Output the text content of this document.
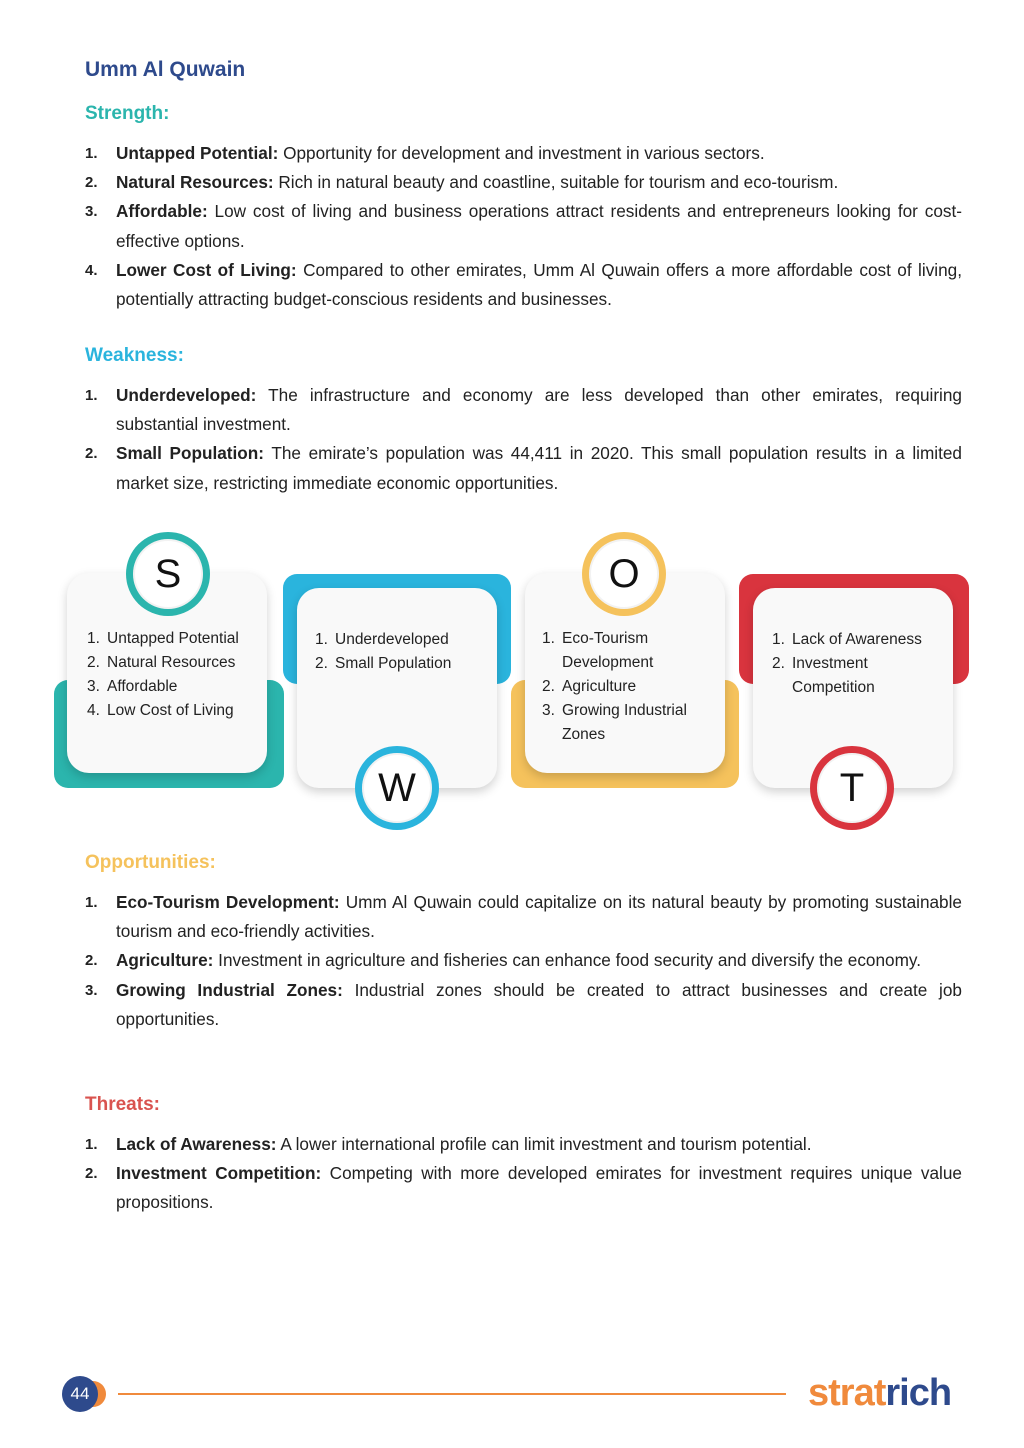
Umm Al Quwain
Strength:
1. Untapped Potential: Opportunity for development and investment in various sectors.
2. Natural Resources: Rich in natural beauty and coastline, suitable for tourism and eco-tourism.
3. Affordable: Low cost of living and business operations attract residents and entrepreneurs looking for cost-effective options.
4. Lower Cost of Living: Compared to other emirates, Umm Al Quwain offers a more affordable cost of living, potentially attracting budget-conscious residents and businesses.
Weakness:
1. Underdeveloped: The infrastructure and economy are less developed than other emirates, requiring substantial investment.
2. Small Population: The emirate’s population was 44,411 in 2020. This small population results in a limited market size, restricting immediate economic opportunities.
1. Untapped Potential
2. Natural Resources
3. Affordable
4. Low Cost of Living
S
1. Underdeveloped
2. Small Population
W
1. Eco-Tourism Development
2. Agriculture
3. Growing Industrial Zones
O
1. Lack of Awareness
2. Investment Competition
T
Opportunities:
1. Eco-Tourism Development: Umm Al Quwain could capitalize on its natural beauty by promoting sustainable tourism and eco-friendly activities.
2. Agriculture: Investment in agriculture and fisheries can enhance food security and diversify the economy.
3. Growing Industrial Zones: Industrial zones should be created to attract businesses and create job opportunities.
Threats:
1. Lack of Awareness: A lower international profile can limit investment and tourism potential.
2. Investment Competition: Competing with more developed emirates for investment requires unique value propositions.
44	stratrich
